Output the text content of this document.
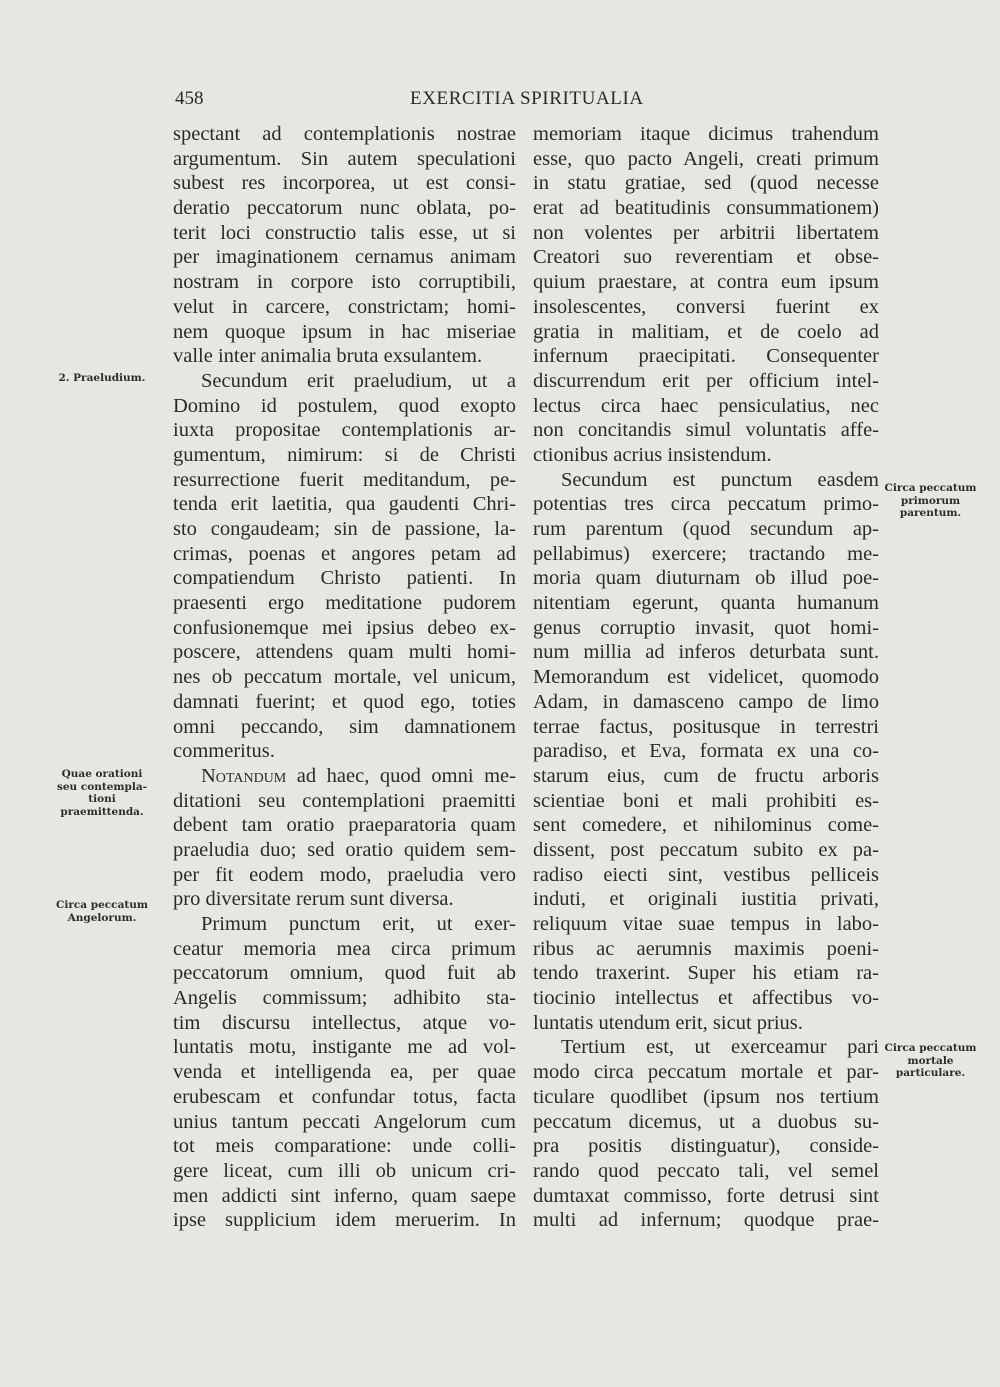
458	EXERCITIA SPIRITUALIA
spectant ad contemplationis nostrae
argumentum. Sin autem speculationi
subest res incorporea, ut est consi-
deratio peccatorum nunc oblata, po-
terit loci constructio talis esse, ut si
per imaginationem cernamus animam
nostram in corpore isto corruptibili,
velut in carcere, constrictam; homi-
nem quoque ipsum in hac miseriae
valle inter animalia bruta exsulantem.
Secundum erit praeludium, ut a
Domino id postulem, quod exopto
iuxta propositae contemplationis ar-
gumentum, nimirum: si de Christi
resurrectione fuerit meditandum, pe-
tenda erit laetitia, qua gaudenti Chri-
sto congaudeam; sin de passione, la-
crimas, poenas et angores petam ad
compatiendum Christo patienti. In
praesenti ergo meditatione pudorem
confusionemque mei ipsius debeo ex-
poscere, attendens quam multi homi-
nes ob peccatum mortale, vel unicum,
damnati fuerint; et quod ego, toties
omni peccando, sim damnationem
commeritus.
Notandum ad haec, quod omni me-
ditationi seu contemplationi praemitti
debent tam oratio praeparatoria quam
praeludia duo; sed oratio quidem sem-
per fit eodem modo, praeludia vero
pro diversitate rerum sunt diversa.
Primum punctum erit, ut exer-
ceatur memoria mea circa primum
peccatorum omnium, quod fuit ab
Angelis commissum; adhibito sta-
tim discursu intellectus, atque vo-
luntatis motu, instigante me ad vol-
venda et intelligenda ea, per quae
erubescam et confundar totus, facta
unius tantum peccati Angelorum cum
tot meis comparatione: unde colli-
gere liceat, cum illi ob unicum cri-
men addicti sint inferno, quam saepe
ipse supplicium idem meruerim. In
memoriam itaque dicimus trahendum
esse, quo pacto Angeli, creati primum
in statu gratiae, sed (quod necesse
erat ad beatitudinis consummationem)
non volentes per arbitrii libertatem
Creatori suo reverentiam et obse-
quium praestare, at contra eum ipsum
insolescentes, conversi fuerint ex
gratia in malitiam, et de coelo ad
infernum praecipitati. Consequenter
discurrendum erit per officium intel-
lectus circa haec pensiculatius, nec
non concitandis simul voluntatis affe-
ctionibus acrius insistendum.
Secundum est punctum easdem
potentias tres circa peccatum primo-
rum parentum (quod secundum ap-
pellabimus) exercere; tractando me-
moria quam diuturnam ob illud poe-
nitentiam egerunt, quanta humanum
genus corruptio invasit, quot homi-
num millia ad inferos deturbata sunt.
Memorandum est videlicet, quomodo
Adam, in damasceno campo de limo
terrae factus, positusque in terrestri
paradiso, et Eva, formata ex una co-
starum eius, cum de fructu arboris
scientiae boni et mali prohibiti es-
sent comedere, et nihilominus come-
dissent, post peccatum subito ex pa-
radiso eiecti sint, vestibus pelliceis
induti, et originali iustitia privati,
reliquum vitae suae tempus in labo-
ribus ac aerumnis maximis poeni-
tendo traxerint. Super his etiam ra-
tiocinio intellectus et affectibus vo-
luntatis utendum erit, sicut prius.
Tertium est, ut exerceamur pari
modo circa peccatum mortale et par-
ticulare quodlibet (ipsum nos tertium
peccatum dicemus, ut a duobus su-
pra positis distinguatur), conside-
rando quod peccato tali, vel semel
dumtaxat commisso, forte detrusi sint
multi ad infernum; quodque prae-
2. Praeludium.
Quae orationi
seu contempla-
tioni
praemittenda.
Circa peccatum
Angelorum.
Circa peccatum
primorum
parentum.
Circa peccatum
mortale
particulare.
